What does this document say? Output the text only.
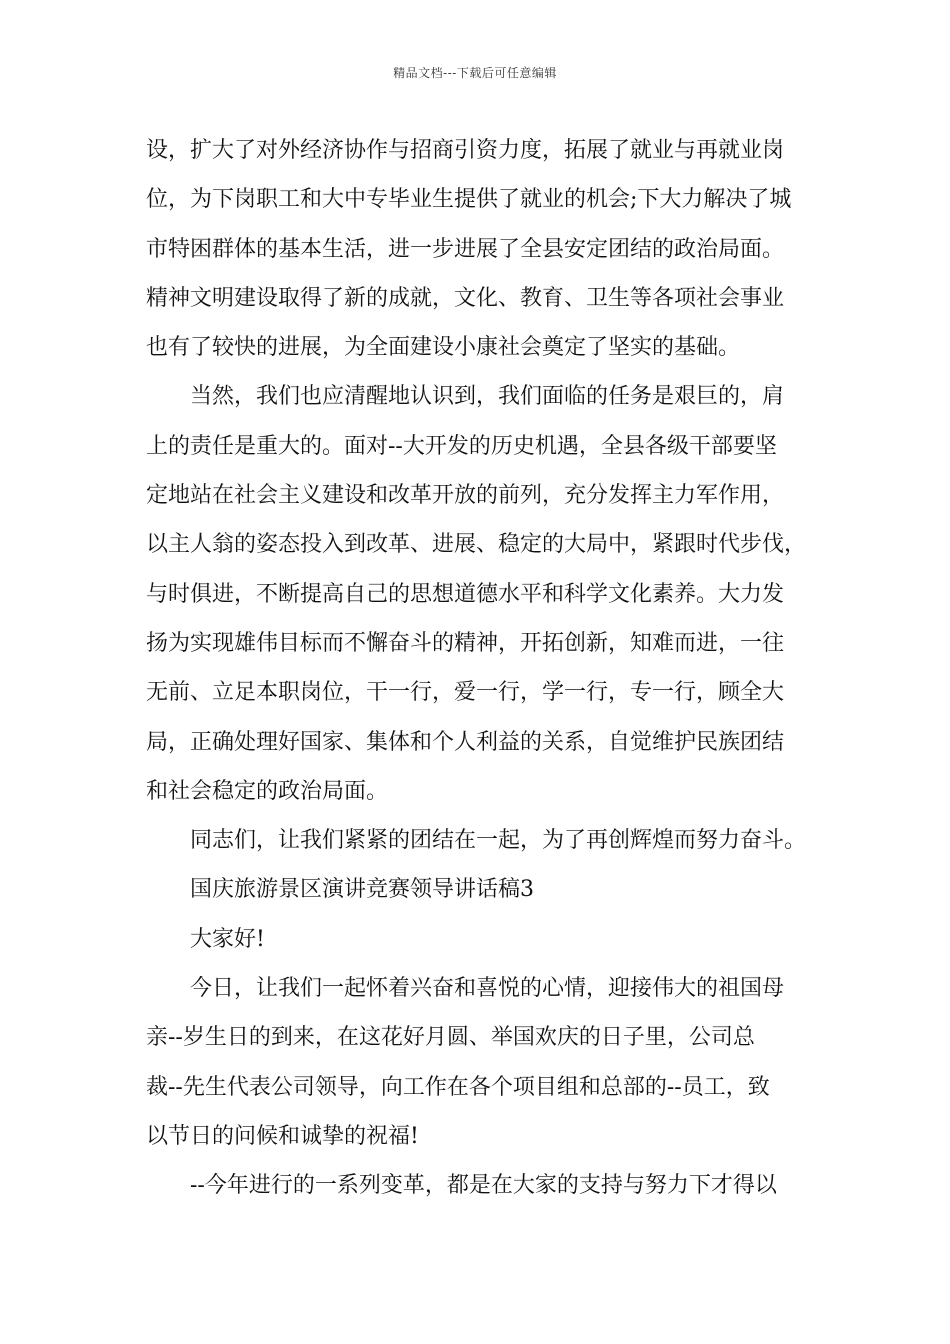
精品文档---下载后可任意编辑
设，扩大了对外经济协作与招商引资力度，拓展了就业与再就业岗
位，为下岗职工和大中专毕业生提供了就业的机会;下大力解决了城
市特困群体的基本生活，进一步进展了全县安定团结的政治局面。
精神文明建设取得了新的成就，文化、教育、卫生等各项社会事业
也有了较快的进展，为全面建设小康社会奠定了坚实的基础。
当然，我们也应清醒地认识到，我们面临的任务是艰巨的，肩
上的责任是重大的。面对--大开发的历史机遇，全县各级干部要坚
定地站在社会主义建设和改革开放的前列，充分发挥主力军作用，
以主人翁的姿态投入到改革、进展、稳定的大局中，紧跟时代步伐，
与时俱进，不断提高自己的思想道德水平和科学文化素养。大力发
扬为实现雄伟目标而不懈奋斗的精神，开拓创新，知难而进，一往
无前、立足本职岗位，干一行，爱一行，学一行，专一行，顾全大
局，正确处理好国家、集体和个人利益的关系，自觉维护民族团结
和社会稳定的政治局面。
同志们，让我们紧紧的团结在一起，为了再创辉煌而努力奋斗。
国庆旅游景区演讲竞赛领导讲话稿3
大家好!
今日，让我们一起怀着兴奋和喜悦的心情，迎接伟大的祖国母
亲--岁生日的到来，在这花好月圆、举国欢庆的日子里，公司总
裁--先生代表公司领导，向工作在各个项目组和总部的--员工，致
以节日的问候和诚挚的祝福!
--今年进行的一系列变革，都是在大家的支持与努力下才得以
